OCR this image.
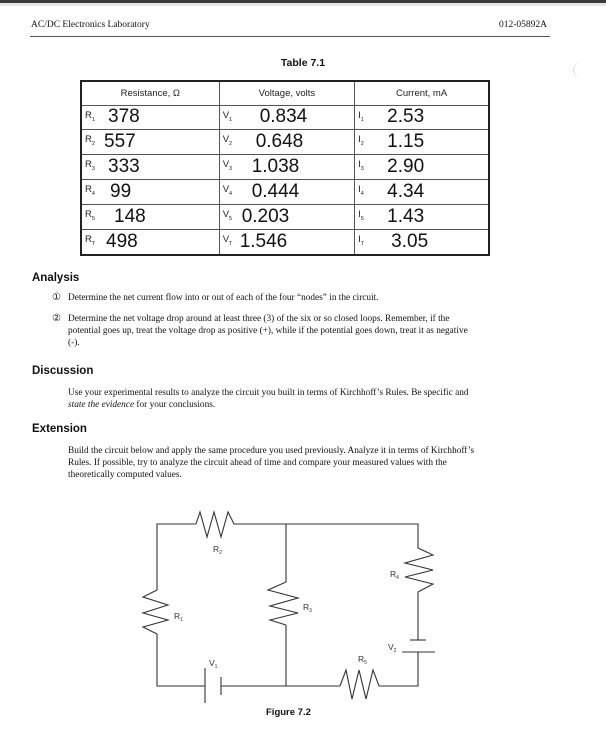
AC/DC Electronics Laboratory	012-05892A
Table 7.1
Resistance, Ω	Voltage, volts	Current, mA
$R_1$ 378	$V_1$ 0.834	$I_1$ 2.53
$R_2$ 557	$V_2$ 0.648	$I_2$ 1.15
$R_3$ 333	$V_3$ 1.038	$I_3$ 2.90
$R_4$ 99	$V_4$ 0.444	$I_4$ 4.34
$R_5$ 148	$V_5$ 0.203	$I_5$ 1.43
$R_T$ 498	$V_T$ 1.546	$I_T$ 3.05
Analysis
① Determine the net current flow into or out of each of the four “nodes” in the circuit.
② Determine the net voltage drop around at least three (3) of the six or so closed loops. Remember, if the potential goes up, treat the voltage drop as positive (+), while if the potential goes down, treat it as negative (-).
Discussion
Use your experimental results to analyze the circuit you built in terms of Kirchhoff’s Rules. Be specific and state the evidence for your conclusions.
Extension
Build the circuit below and apply the same procedure you used previously. Analyze it in terms of Kirchhoff’s Rules. If possible, try to analyze the circuit ahead of time and compare your measured values with the theoretically computed values.
$R_2$
$R_1$
$R_3$
$R_4$
$R_5$
$V_1$
$V_2$
Figure 7.2
